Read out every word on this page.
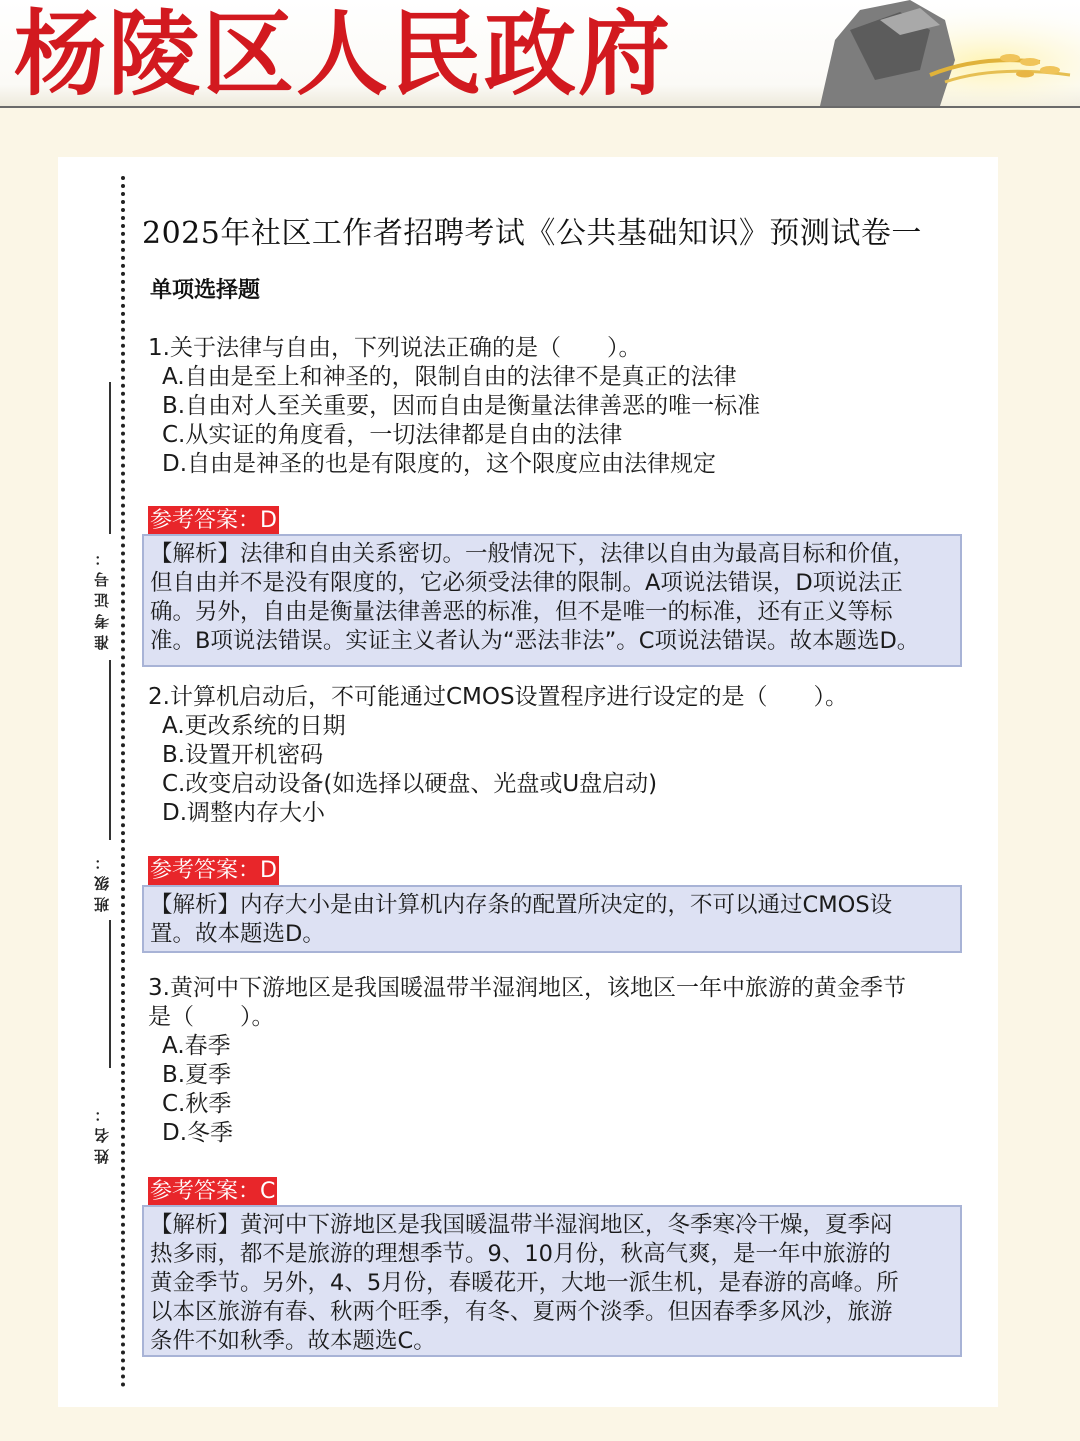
杨陵区人民政府
准考证号：
班级：
姓名：
2025年社区工作者招聘考试《公共基础知识》预测试卷一
单项选择题
1.关于法律与自由，下列说法正确的是（　　）。
A.自由是至上和神圣的，限制自由的法律不是真正的法律
B.自由对人至关重要，因而自由是衡量法律善恶的唯一标准
C.从实证的角度看，一切法律都是自由的法律
D.自由是神圣的也是有限度的，这个限度应由法律规定
参考答案：D
【解析】法律和自由关系密切。一般情况下，法律以自由为最高目标和价值，
但自由并不是没有限度的，它必须受法律的限制。A项说法错误，D项说法正
确。另外，自由是衡量法律善恶的标准，但不是唯一的标准，还有正义等标
准。B项说法错误。实证主义者认为“恶法非法”。C项说法错误。故本题选D。
2.计算机启动后，不可能通过CMOS设置程序进行设定的是（　　）。
A.更改系统的日期
B.设置开机密码
C.改变启动设备(如选择以硬盘、光盘或U盘启动)
D.调整内存大小
参考答案：D
【解析】内存大小是由计算机内存条的配置所决定的，不可以通过CMOS设
置。故本题选D。
3.黄河中下游地区是我国暖温带半湿润地区，该地区一年中旅游的黄金季节
是（　　）。
A.春季
B.夏季
C.秋季
D.冬季
参考答案：C
【解析】黄河中下游地区是我国暖温带半湿润地区，冬季寒冷干燥，夏季闷
热多雨，都不是旅游的理想季节。9、10月份，秋高气爽，是一年中旅游的
黄金季节。另外，4、5月份，春暖花开，大地一派生机，是春游的高峰。所
以本区旅游有春、秋两个旺季，有冬、夏两个淡季。但因春季多风沙，旅游
条件不如秋季。故本题选C。
